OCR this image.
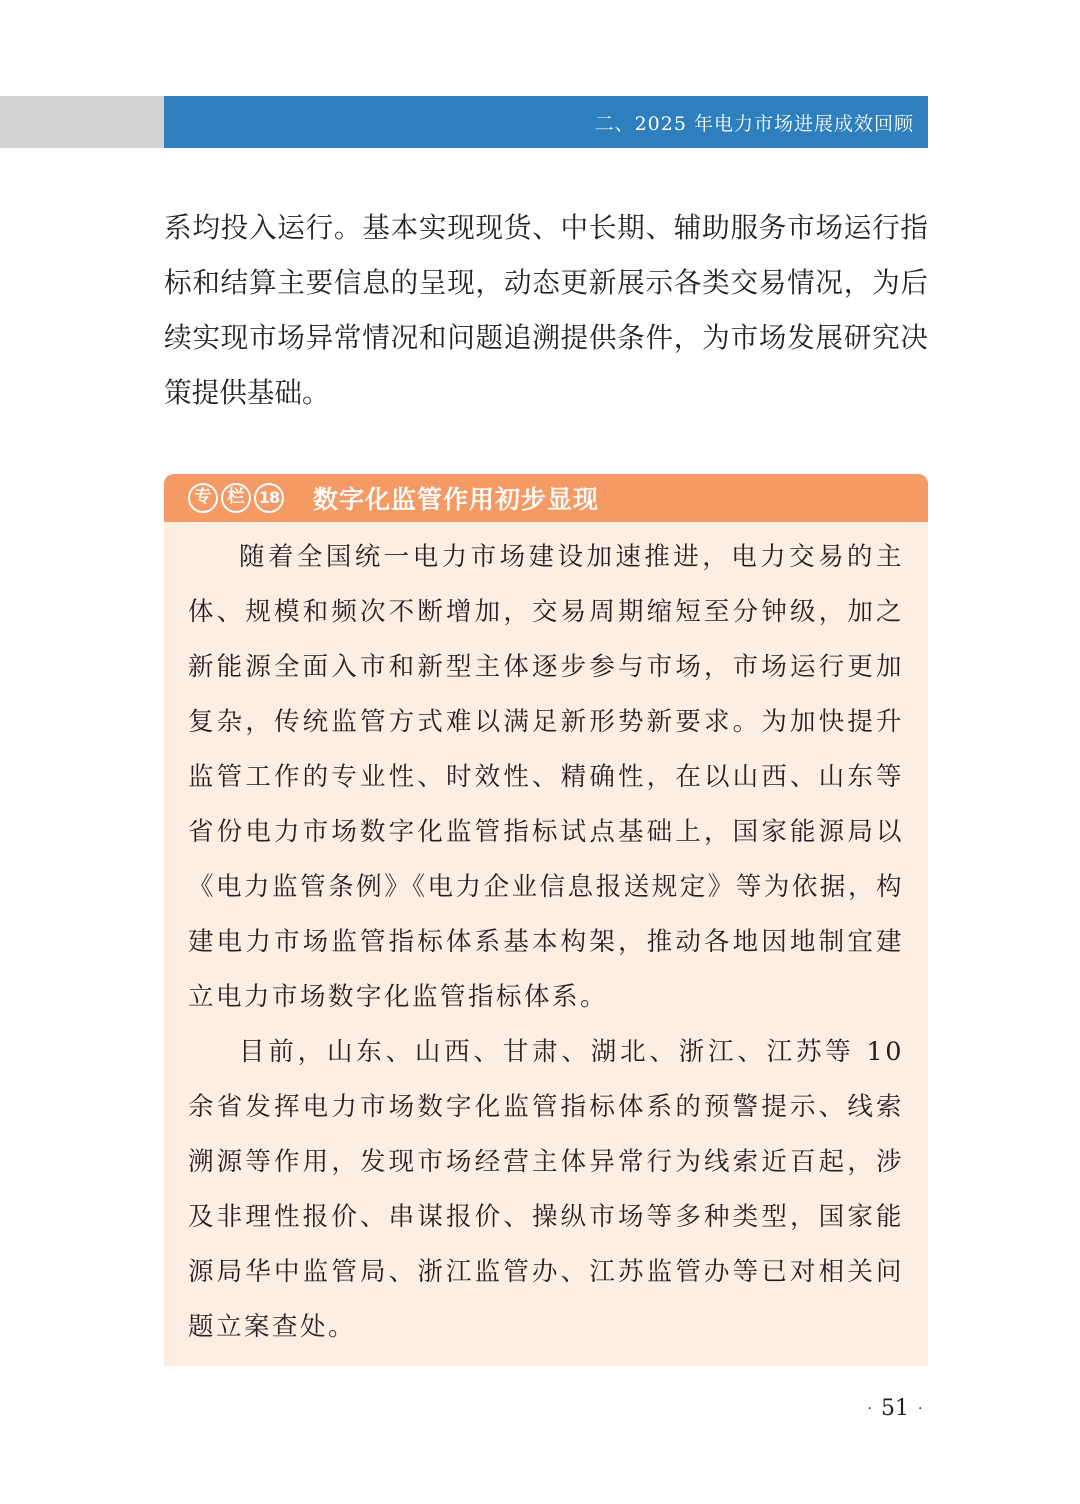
二、2025 年电力市场进展成效回顾

系均投入运行。基本实现现货、中长期、辅助服务市场运行指标和结算主要信息的呈现，动态更新展示各类交易情况，为后续实现市场异常情况和问题追溯提供条件，为市场发展研究决策提供基础。

专 栏 18 数字化监管作用初步显现

随着全国统一电力市场建设加速推进，电力交易的主体、规模和频次不断增加，交易周期缩短至分钟级，加之新能源全面入市和新型主体逐步参与市场，市场运行更加复杂，传统监管方式难以满足新形势新要求。为加快提升监管工作的专业性、时效性、精确性，在以山西、山东等省份电力市场数字化监管指标试点基础上，国家能源局以《电力监管条例》《电力企业信息报送规定》等为依据，构建电力市场监管指标体系基本构架，推动各地因地制宜建立电力市场数字化监管指标体系。

目前，山东、山西、甘肃、湖北、浙江、江苏等 10 余省发挥电力市场数字化监管指标体系的预警提示、线索溯源等作用，发现市场经营主体异常行为线索近百起，涉及非理性报价、串谋报价、操纵市场等多种类型，国家能源局华中监管局、浙江监管办、江苏监管办等已对相关问题立案查处。

· 51 ·
